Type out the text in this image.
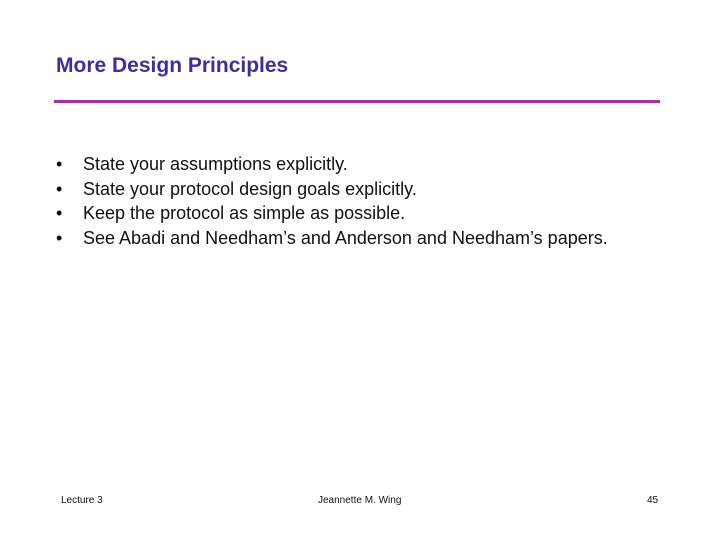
More Design Principles
• State your assumptions explicitly.
• State your protocol design goals explicitly.
• Keep the protocol as simple as possible.
• See Abadi and Needham’s and Anderson and Needham’s papers.
Lecture 3	Jeannette M. Wing	45
